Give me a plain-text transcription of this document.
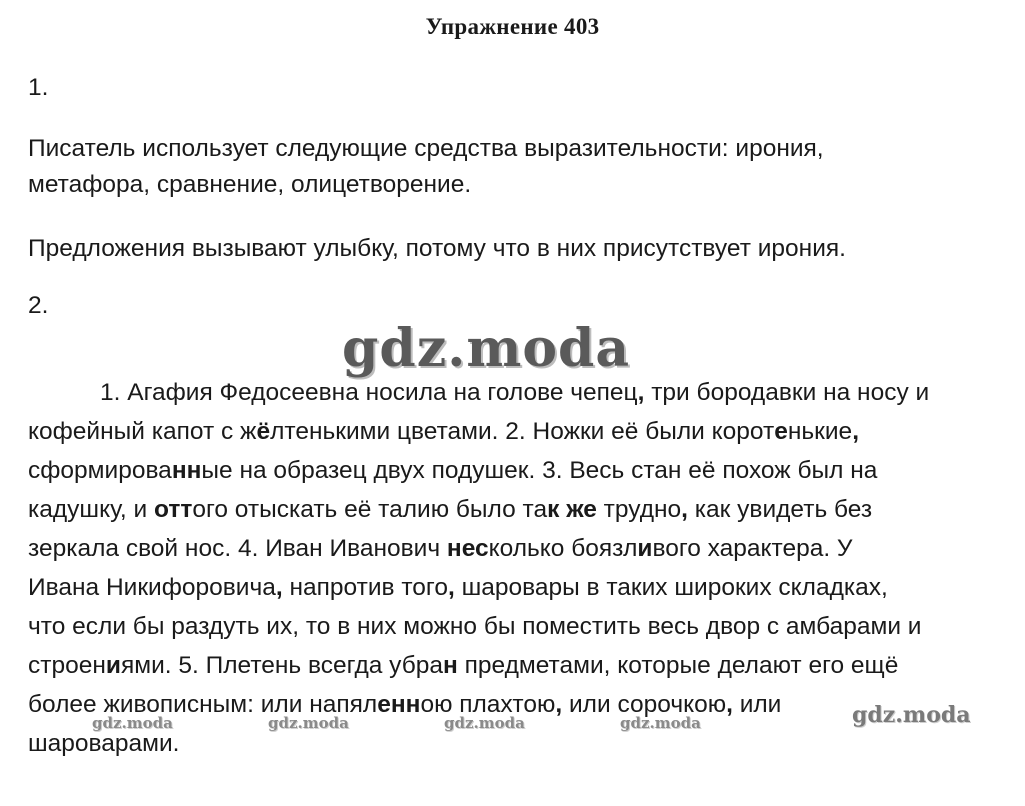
Упражнение 403
1.
Писатель использует следующие средства выразительности: ирония,
метафора, сравнение, олицетворение.
Предложения вызывают улыбку, потому что в них присутствует ирония.
2.
1. Агафия Федосеевна носила на голове чепец, три бородавки на носу и
кофейный капот с жёлтенькими цветами. 2. Ножки её были коротенькие,
сформированные на образец двух подушек. 3. Весь стан её похож был на
кадушку, и оттого отыскать её талию было так же трудно, как увидеть без
зеркала свой нос. 4. Иван Иванович несколько боязливого характера. У
Ивана Никифоровича, напротив того, шаровары в таких широких складках,
что если бы раздуть их, то в них можно бы поместить весь двор с амбарами и
строениями. 5. Плетень всегда убран предметами, которые делают его ещё
более живописным: или напяленною плахтою, или сорочкою, или
шароварами.
gdz.moda
gdz.moda	gdz.moda	gdz.moda	gdz.moda	gdz.moda
